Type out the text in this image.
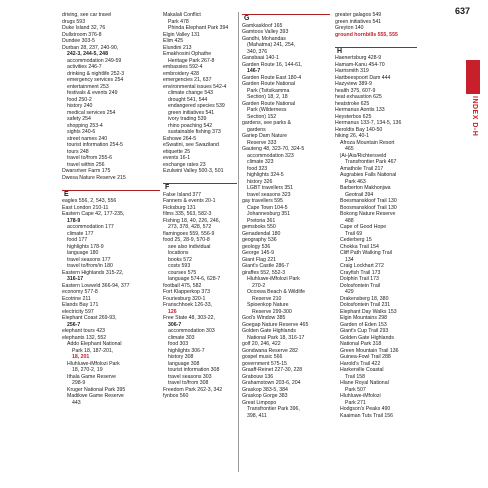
637
driving, see car travel
drugs 593
Duke Island 32, 76
Dullstroom 376-8
Dundee 303-5
Durban 28, 237, 240-90,
242-3, 244-5, 248
accommodation 249-59
activities 246-7
drinking & nightlife 252-3
emergency services 254
entertainment 253
festivals & events 249
food 250-2
history 240
medical services 254
safety 254
shopping 253-4
sights 240-6
street names 240
tourist information 254-5
tours 248
travel to/from 255-6
travel within 256
Dwarsriver Farm 175
Dwesa Nature Reserve 215
E
eagles 556, 2, 543, 556
East London 210-11
Eastern Cape 42, 177-235,
178-9
accommodation 177
climate 177
food 177
highlights 178-9
language 180
travel seasons 177
travel to/from/in 180
Eastern Highlands 315-22,
316-17
Eastern Lowveld 366-94, 377
economy 577-8
Ecotrine 211
Elands Bay 171
electricity 597
Elephant Coast 269-93,
256-7
elephant tours 423
elephants 132, 552
Addo Elephant National
Park 18, 187-201,
18, 201
Hluhluwe-iMfolozi Park
18, 270-2, 19
Ithala Game Reserve
298-9
Kruger National Park 395
Madikwe Game Reserve
443
Makalali Conflict
Park 478
Phinda Elephant Park 394
Elgin Valley 131
Elim 425
Elundini 213
Emakhosini Ophathe
Heritage Park 267-8
embassies 592-4
embroidery 428
emergencies 21, 637
environmental issues 542-4
climate change 543
drought 541, 544
endangered species 539
green initiatives 541
ivory trading 539
rhino poaching 542
sustainable fishing 373
Eshowe 264-5
eSwatini, see Swaziland
etiquette 25
events 16-1
exchange rates 23
Ezulwini Valley 500-3, 501
F
False Island 377
Fanners & events 20-1
Ficksburg 131
films 335, 563, 582-3
Fishing 18, 40, 226, 246,
273, 378, 428, 572
flamingoes 559, 556-9
food 25, 28-9, 570-8
see also individual
locations
books 572
costs 593
courses 575
language 574-6, 628-7
football 475, 582
Fort Klapperkop 373
Fouriesburg 320-1
Franschhoek 126-33,
126
Free State 48, 303-22,
306-7
accommodation 303
climate 303
food 303
highlights 306-7
history 308
language 308
tourist information 308
travel seasons 303
travel to/from 308
Freedom Park 262-3, 342
fynbos 560
G
Gamkaskloof 165
Gamtoos Valley 393
Gandhi, Mohandas
(Mahatma) 241, 254,
340, 376
Gansbaai 140-1
Garden Route 16, 144-61,
146-7
Garden Route East 180-4
Garden Route National
Park (Tsitsikamma
Section) 18, 2, 18
Garden Route National
Park (Wilderness
Section) 152
gardens, see parks &
gardens
Gariep Dam Nature
Reserve 333
Gauteng 48, 323-70, 324-5
accommodation 323
climate 323
food 323
highlights 324-5
history 326
LGBT travellers 351
travel seasons 323
gay travellers 595
Cape Town 104-5
Johannesburg 351
Pretoria 361
gemsboks 550
Genadendal 180
geography 536
geology 536
George 145-9
Giant Flag 221
Giant's Castle 286-7
giraffes 552, 552-3
Hluhluwe-iMfolozi Park
270-2
Ocoxwa Beach & Wildlife
Reserve 210
Spioenkop Nature
Reserve 299-300
God's Window 385
Goegap Nature Reserve 465
Golden Gate Highlands
National Park 18, 316-17
golf 20, 246, 422
Gondwana Reserve 282
gospel music 566
government 575-15
Graaff-Reinet 227-30, 228
Grabouw 136
Grahamstown 203-6, 204
Graskop 383-5, 384
Graskop Gorge 383
Great Limpopo
Transfrontier Park 396,
398, 411
greater galagos 549
green initiatives 541
Greyton 140
ground hornbills 555, 555
H
Haenertsburg 428-9
Hamam-Kanu 454-70
Harrismith 319
Hartbeespoort Dam 444
Hazyview 389-9
health 375, 607-9
heat exhaustion 625
heatstroke 625
Hermanus Aontis 133
Heysterbos 625
Hermanus 133-7, 134-5, 136
Heroldts Bay 140-50
hiking 26, 40-1
Afroza Mountain Resort
465
|Ai-|Ais/Richtersveld
Transfrontier Park 467
Amathole Trail 217
Augrabies Falls National
Park 463
Barberton Makhonjwa
Geotrail 394
Boesmanskloof Trail 130
Boosmanskloof Trail 130
Bokong Nature Reserve
488
Cape of Good Hope
Trail 69
Cederberg 15
Chokka Trail 154
Cliff Path Walking Trail
134
Craig Lockhart 272
Crayfish Trail 173
Dolphin Trail 173
Dolosfontein Trail
429
Drakensberg 18, 380
Dolosfontein Trail 231
Elephant Day Walks 153
Elgin Mountains 298
Garden of Eden 153
Giant's Cup Trail 293
Golden Gate Highlands
National Park 318
Green Mountain Trail 136
Guinea-Fowl Trail 288
Harold's Trail 422
Harkerville Coastal
Trail 158
Hlane Royal National
Park 507
Hluhluwe-iMfolozi
Park 271
Hodgson's Peaks 490
Kaaiman Tuts Trail 156
INDEX D-H
